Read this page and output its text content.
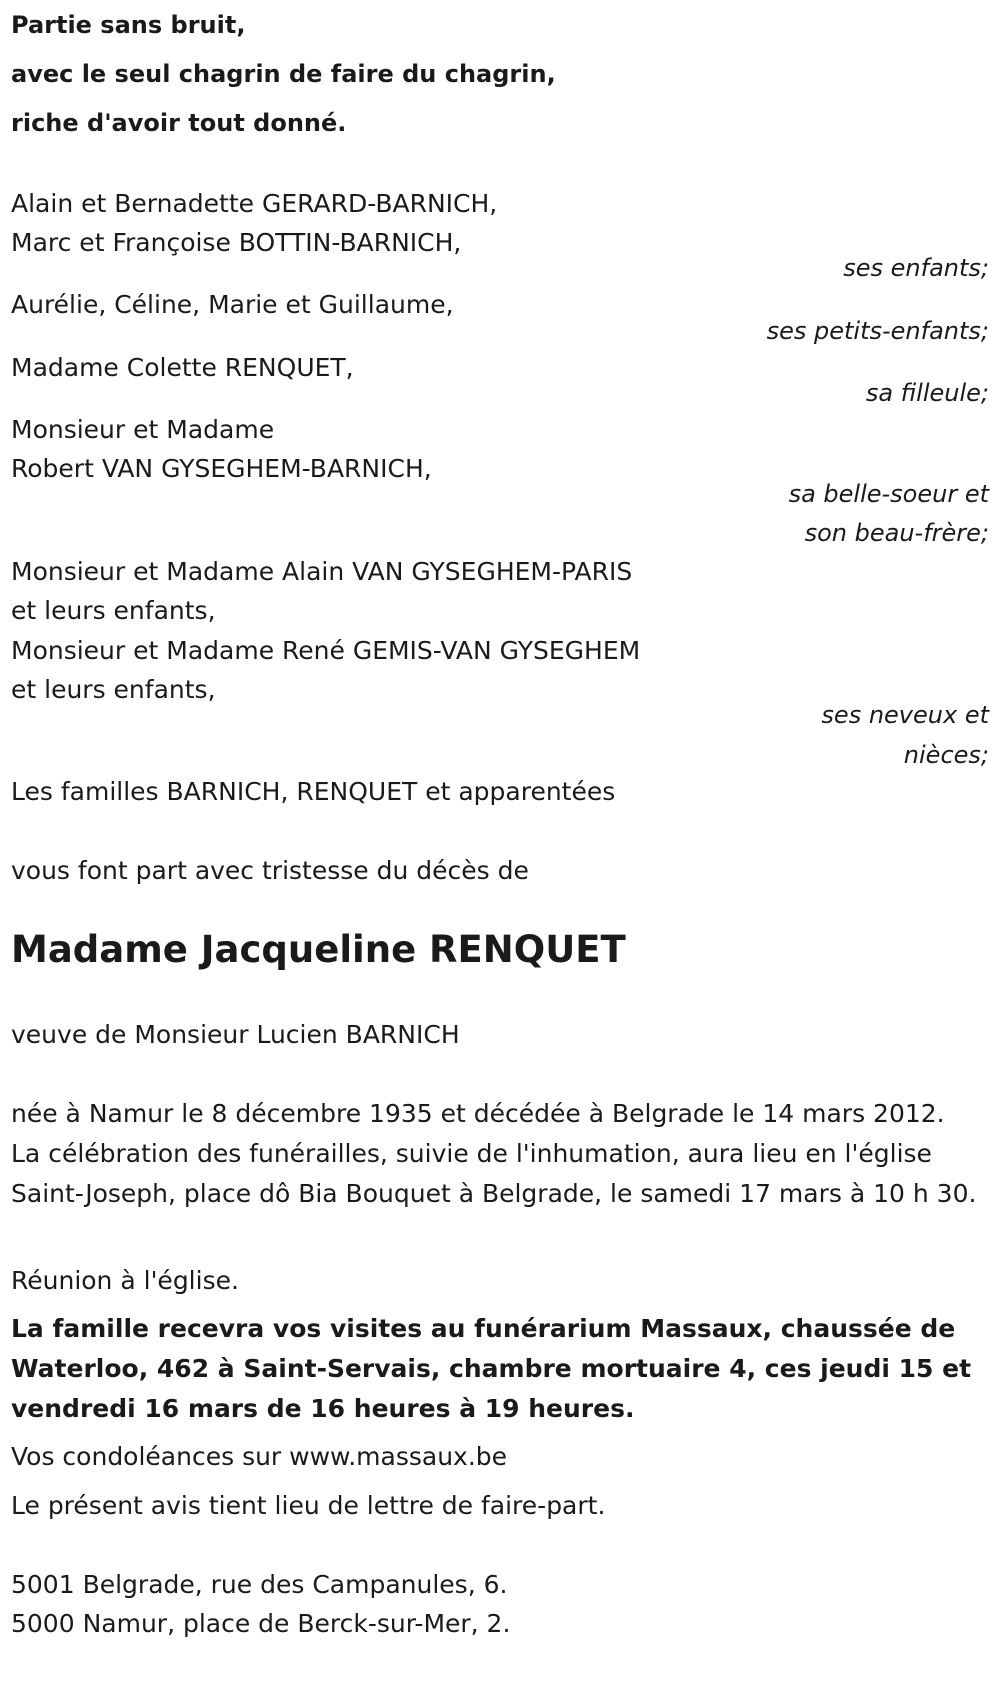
Partie sans bruit,

avec le seul chagrin de faire du chagrin,

riche d'avoir tout donné.

Alain et Bernadette GERARD-BARNICH,

Marc et Françoise BOTTIN-BARNICH,

ses enfants;

Aurélie, Céline, Marie et Guillaume,

ses petits-enfants;

Madame Colette RENQUET,

sa filleule;

Monsieur et Madame

Robert VAN GYSEGHEM-BARNICH,

sa belle-soeur et
son beau-frère;

Monsieur et Madame Alain VAN GYSEGHEM-PARIS

et leurs enfants,

Monsieur et Madame René GEMIS-VAN GYSEGHEM

et leurs enfants,

ses neveux et
nièces;

Les familles BARNICH, RENQUET et apparentées

vous font part avec tristesse du décès de

Madame Jacqueline RENQUET

veuve de Monsieur Lucien BARNICH

née à Namur le 8 décembre 1935 et décédée à Belgrade le 14 mars 2012.

La célébration des funérailles, suivie de l'inhumation, aura lieu en l'église Saint-Joseph, place dô Bia Bouquet à Belgrade, le samedi 17 mars à 10 h 30.

Réunion à l'église.

La famille recevra vos visites au funérarium Massaux, chaussée de Waterloo, 462 à Saint-Servais, chambre mortuaire 4, ces jeudi 15 et vendredi 16 mars de 16 heures à 19 heures.

Vos condoléances sur www.massaux.be

Le présent avis tient lieu de lettre de faire-part.

5001 Belgrade, rue des Campanules, 6.

5000 Namur, place de Berck-sur-Mer, 2.
